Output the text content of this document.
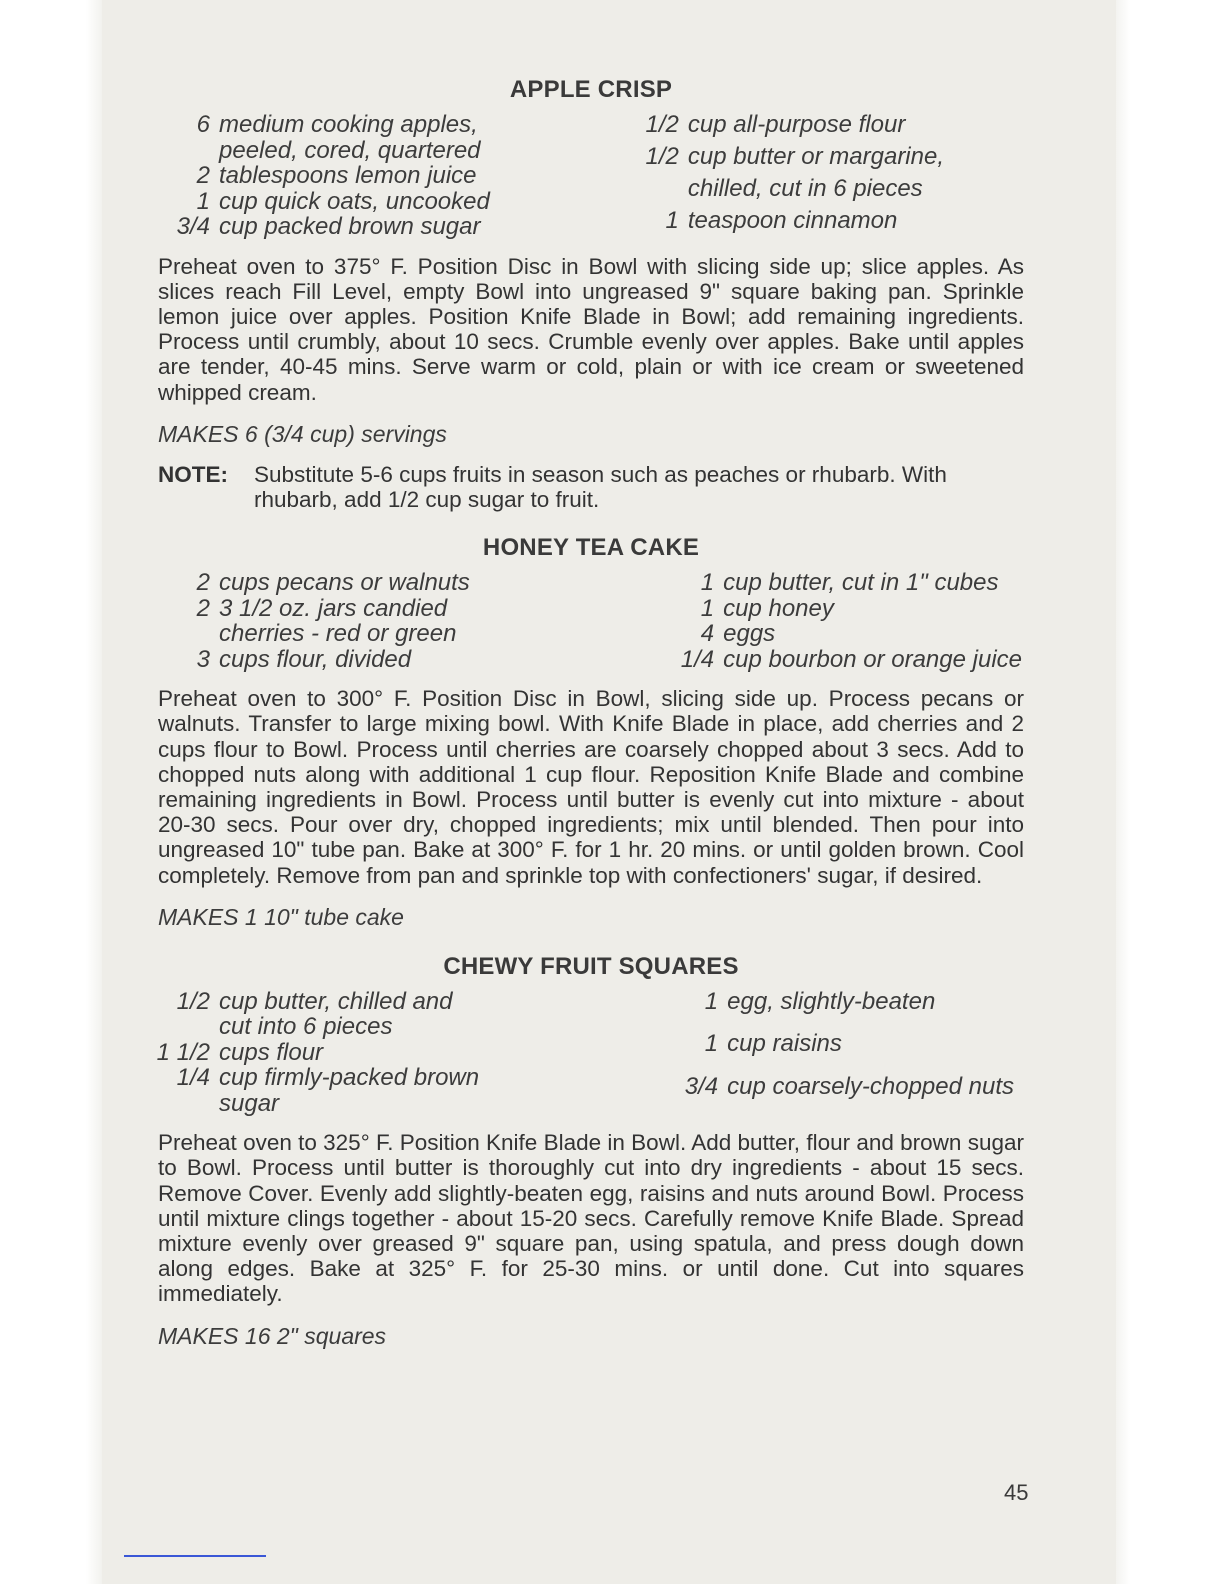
APPLE CRISP
6 medium cooking apples,
peeled, cored, quartered
2 tablespoons lemon juice
1 cup quick oats, uncooked
3/4 cup packed brown sugar
1/2 cup all-purpose flour
1/2 cup butter or margarine,
chilled, cut in 6 pieces
1 teaspoon cinnamon

Preheat oven to 375° F. Position Disc in Bowl with slicing side up; slice apples. As slices reach Fill Level, empty Bowl into ungreased 9" square baking pan. Sprinkle lemon juice over apples. Position Knife Blade in Bowl; add remaining ingredients. Process until crumbly, about 10 secs. Crumble evenly over apples. Bake until apples are tender, 40-45 mins. Serve warm or cold, plain or with ice cream or sweetened whipped cream.

MAKES 6 (3/4 cup) servings

NOTE:	Substitute 5-6 cups fruits in season such as peaches or rhubarb. With rhubarb, add 1/2 cup sugar to fruit.
HONEY TEA CAKE
2 cups pecans or walnuts
2 3 1/2 oz. jars candied
cherries - red or green
3 cups flour, divided
1 cup butter, cut in 1" cubes
1 cup honey
4 eggs
1/4 cup bourbon or orange juice

Preheat oven to 300° F. Position Disc in Bowl, slicing side up. Process pecans or walnuts. Transfer to large mixing bowl. With Knife Blade in place, add cherries and 2 cups flour to Bowl. Process until cherries are coarsely chopped about 3 secs. Add to chopped nuts along with additional 1 cup flour. Reposition Knife Blade and combine remaining ingredients in Bowl. Process until butter is evenly cut into mixture - about 20-30 secs. Pour over dry, chopped ingredients; mix until blended. Then pour into ungreased 10" tube pan. Bake at 300° F. for 1 hr. 20 mins. or until golden brown. Cool completely. Remove from pan and sprinkle top with confectioners' sugar, if desired.

MAKES 1 10" tube cake

CHEWY FRUIT SQUARES
1/2 cup butter, chilled and
cut into 6 pieces
1 1/2 cups flour
1/4 cup firmly-packed brown
sugar
1 egg, slightly-beaten
1 cup raisins
3/4 cup coarsely-chopped nuts

Preheat oven to 325° F. Position Knife Blade in Bowl. Add butter, flour and brown sugar to Bowl. Process until butter is thoroughly cut into dry ingredients - about 15 secs. Remove Cover. Evenly add slightly-beaten egg, raisins and nuts around Bowl. Process until mixture clings together - about 15-20 secs. Carefully remove Knife Blade. Spread mixture evenly over greased 9" square pan, using spatula, and press dough down along edges. Bake at 325° F. for 25-30 mins. or until done. Cut into squares immediately.

MAKES 16 2" squares

45
